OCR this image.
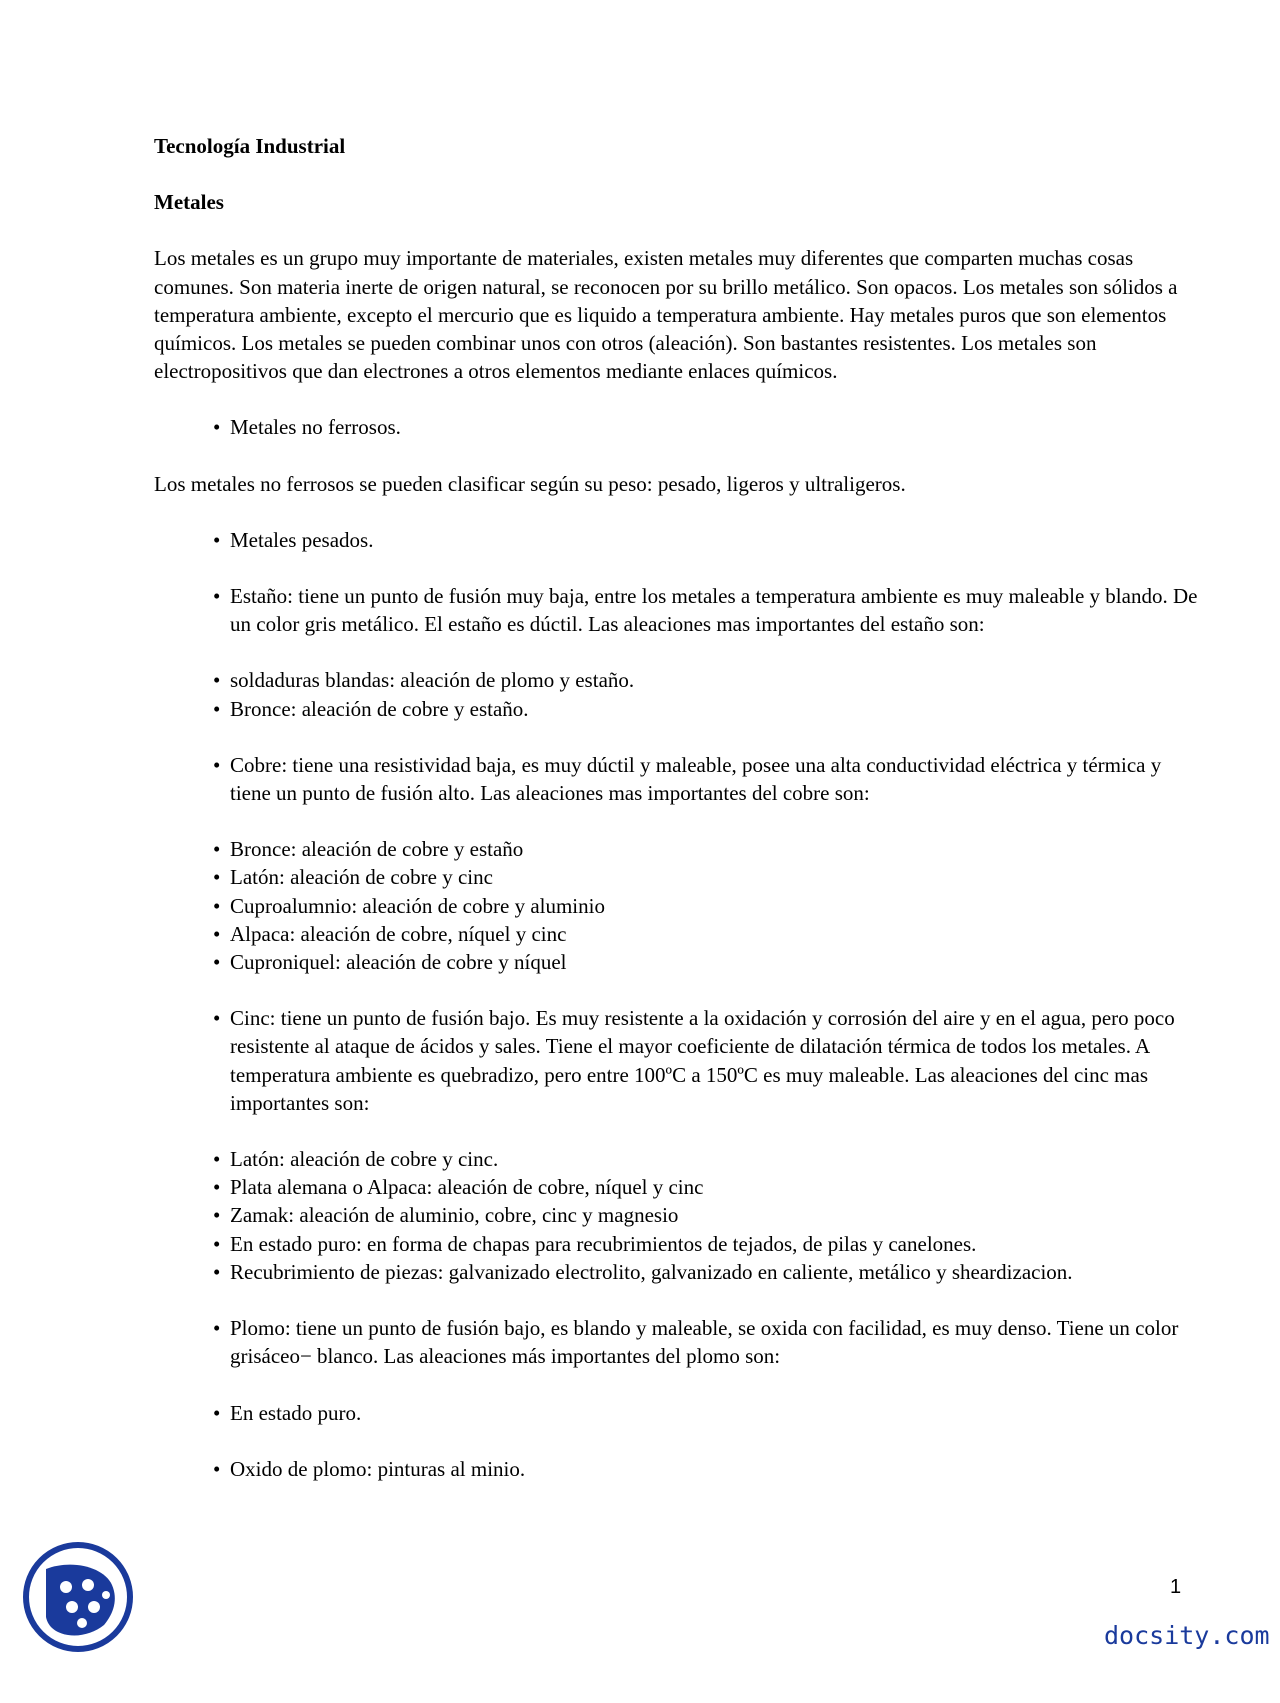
Tecnología Industrial
Metales

Los metales es un grupo muy importante de materiales, existen metales muy diferentes que comparten muchas cosas comunes. Son materia inerte de origen natural, se reconocen por su brillo metálico. Son opacos. Los metales son sólidos a temperatura ambiente, excepto el mercurio que es liquido a temperatura ambiente. Hay metales puros que son elementos químicos. Los metales se pueden combinar unos con otros (aleación). Son bastantes resistentes. Los metales son electropositivos que dan electrones a otros elementos mediante enlaces químicos.

• Metales no ferrosos.

Los metales no ferrosos se pueden clasificar según su peso: pesado, ligeros y ultraligeros.

• Metales pesados.
• Estaño: tiene un punto de fusión muy baja, entre los metales a temperatura ambiente es muy maleable y blando. De un color gris metálico. El estaño es dúctil. Las aleaciones mas importantes del estaño son:
• soldaduras blandas: aleación de plomo y estaño.
• Bronce: aleación de cobre y estaño.
• Cobre: tiene una resistividad baja, es muy dúctil y maleable, posee una alta conductividad eléctrica y térmica y tiene un punto de fusión alto. Las aleaciones mas importantes del cobre son:
• Bronce: aleación de cobre y estaño
• Latón: aleación de cobre y cinc
• Cuproalumnio: aleación de cobre y aluminio
• Alpaca: aleación de cobre, níquel y cinc
• Cuproniquel: aleación de cobre y níquel
• Cinc: tiene un punto de fusión bajo. Es muy resistente a la oxidación y corrosión del aire y en el agua, pero poco resistente al ataque de ácidos y sales. Tiene el mayor coeficiente de dilatación térmica de todos los metales. A temperatura ambiente es quebradizo, pero entre 100ºC a 150ºC es muy maleable. Las aleaciones del cinc mas importantes son:
• Latón: aleación de cobre y cinc.
• Plata alemana o Alpaca: aleación de cobre, níquel y cinc
• Zamak: aleación de aluminio, cobre, cinc y magnesio
• En estado puro: en forma de chapas para recubrimientos de tejados, de pilas y canelones.
• Recubrimiento de piezas: galvanizado electrolito, galvanizado en caliente, metálico y sheardizacion.
• Plomo: tiene un punto de fusión bajo, es blando y maleable, se oxida con facilidad, es muy denso. Tiene un color grisáceo− blanco. Las aleaciones más importantes del plomo son:
• En estado puro.
• Oxido de plomo: pinturas al minio.
1
docsity.com
